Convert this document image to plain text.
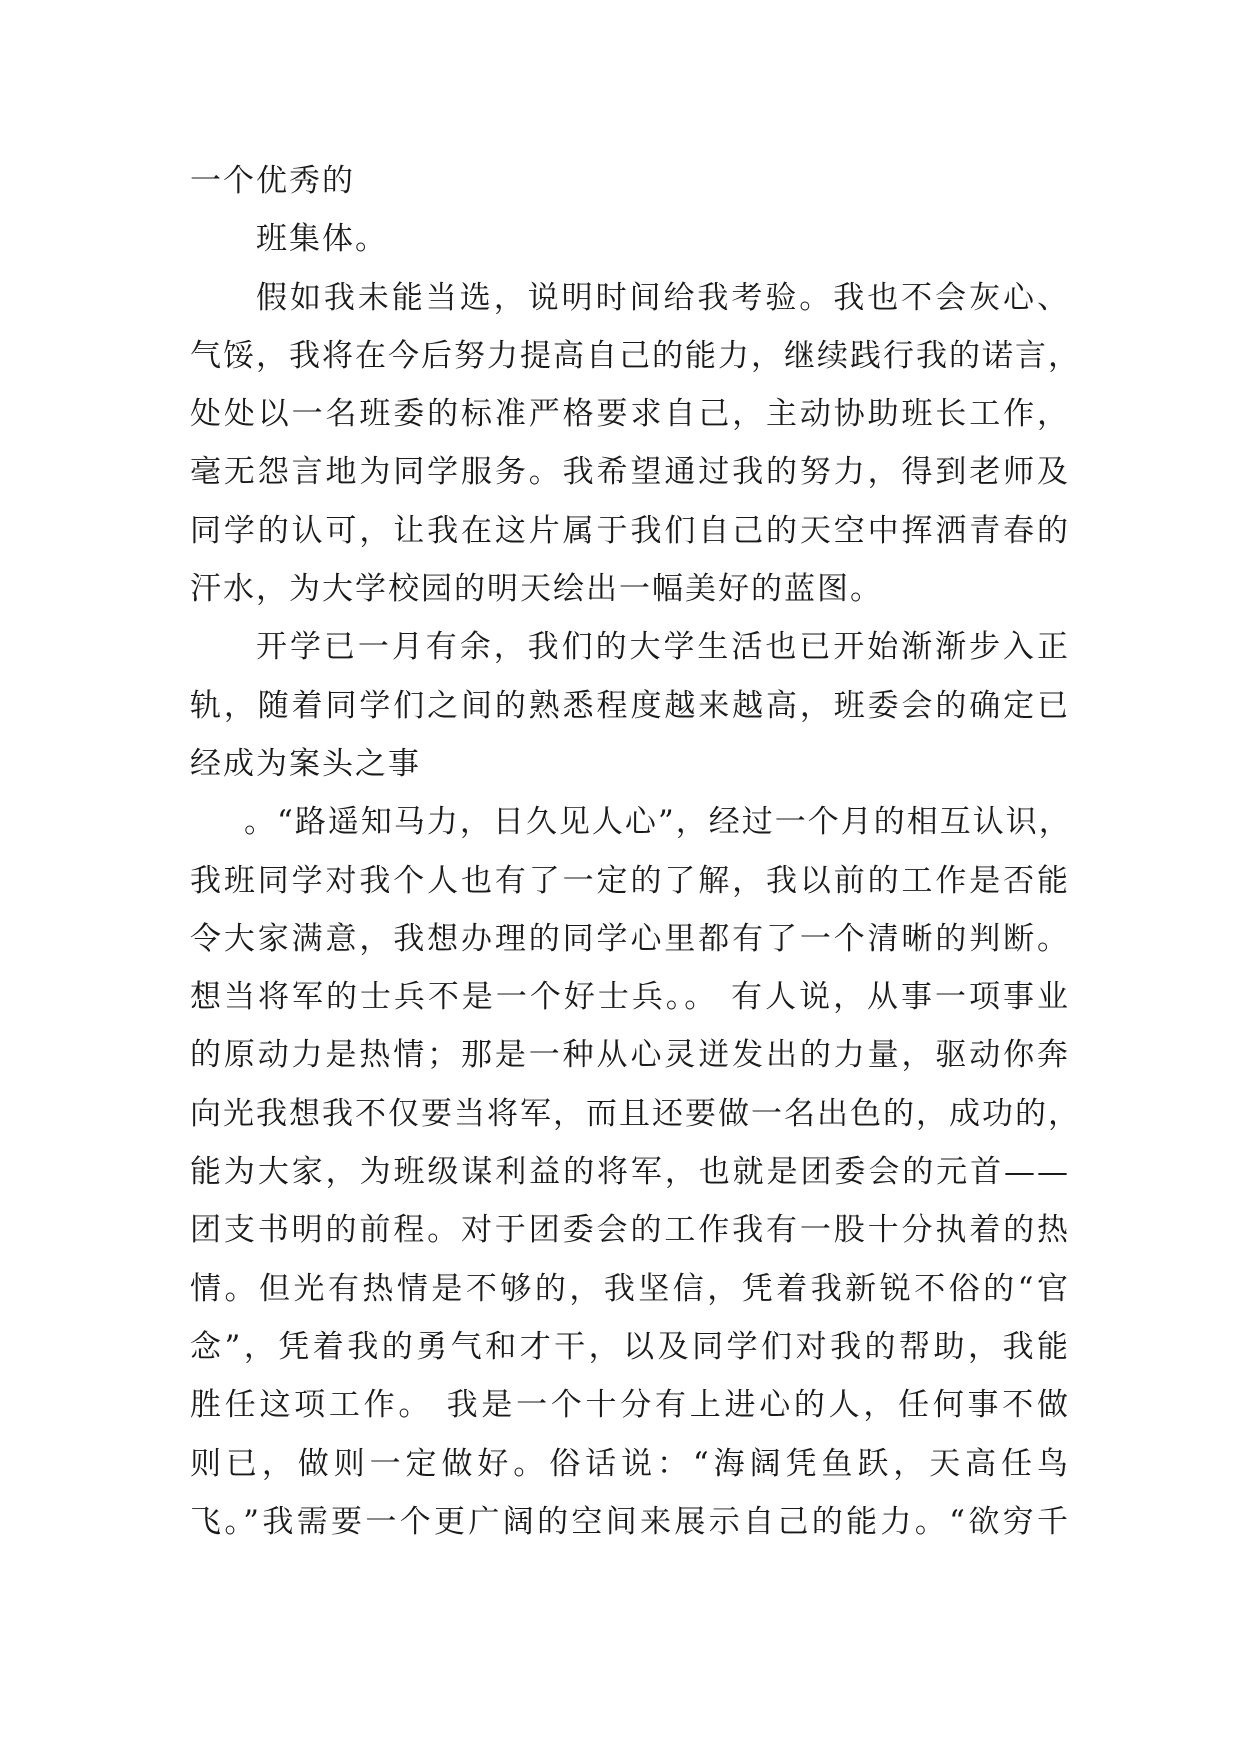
一个优秀的
班集体。
假如我未能当选，说明时间给我考验。我也不会灰心、
气馁，我将在今后努力提高自己的能力，继续践行我的诺言，
处处以一名班委的标准严格要求自己，主动协助班长工作，
毫无怨言地为同学服务。我希望通过我的努力，得到老师及
同学的认可，让我在这片属于我们自己的天空中挥洒青春的
汗水，为大学校园的明天绘出一幅美好的蓝图。
开学已一月有余，我们的大学生活也已开始渐渐步入正
轨，随着同学们之间的熟悉程度越来越高，班委会的确定已
经成为案头之事
。“路遥知马力，日久见人心”，经过一个月的相互认识，
我班同学对我个人也有了一定的了解，我以前的工作是否能
令大家满意，我想办理的同学心里都有了一个清晰的判断。
想当将军的士兵不是一个好士兵。。 有人说，从事一项事业
的原动力是热情；那是一种从心灵迸发出的力量，驱动你奔
向光我想我不仅要当将军，而且还要做一名出色的，成功的，
能为大家，为班级谋利益的将军，也就是团委会的元首——
团支书明的前程。对于团委会的工作我有一股十分执着的热
情。但光有热情是不够的，我坚信，凭着我新锐不俗的“官
念”，凭着我的勇气和才干，以及同学们对我的帮助，我能
胜任这项工作。 我是一个十分有上进心的人，任何事不做
则已，做则一定做好。俗话说：“海阔凭鱼跃，天高任鸟
飞。”我需要一个更广阔的空间来展示自己的能力。“欲穷千
